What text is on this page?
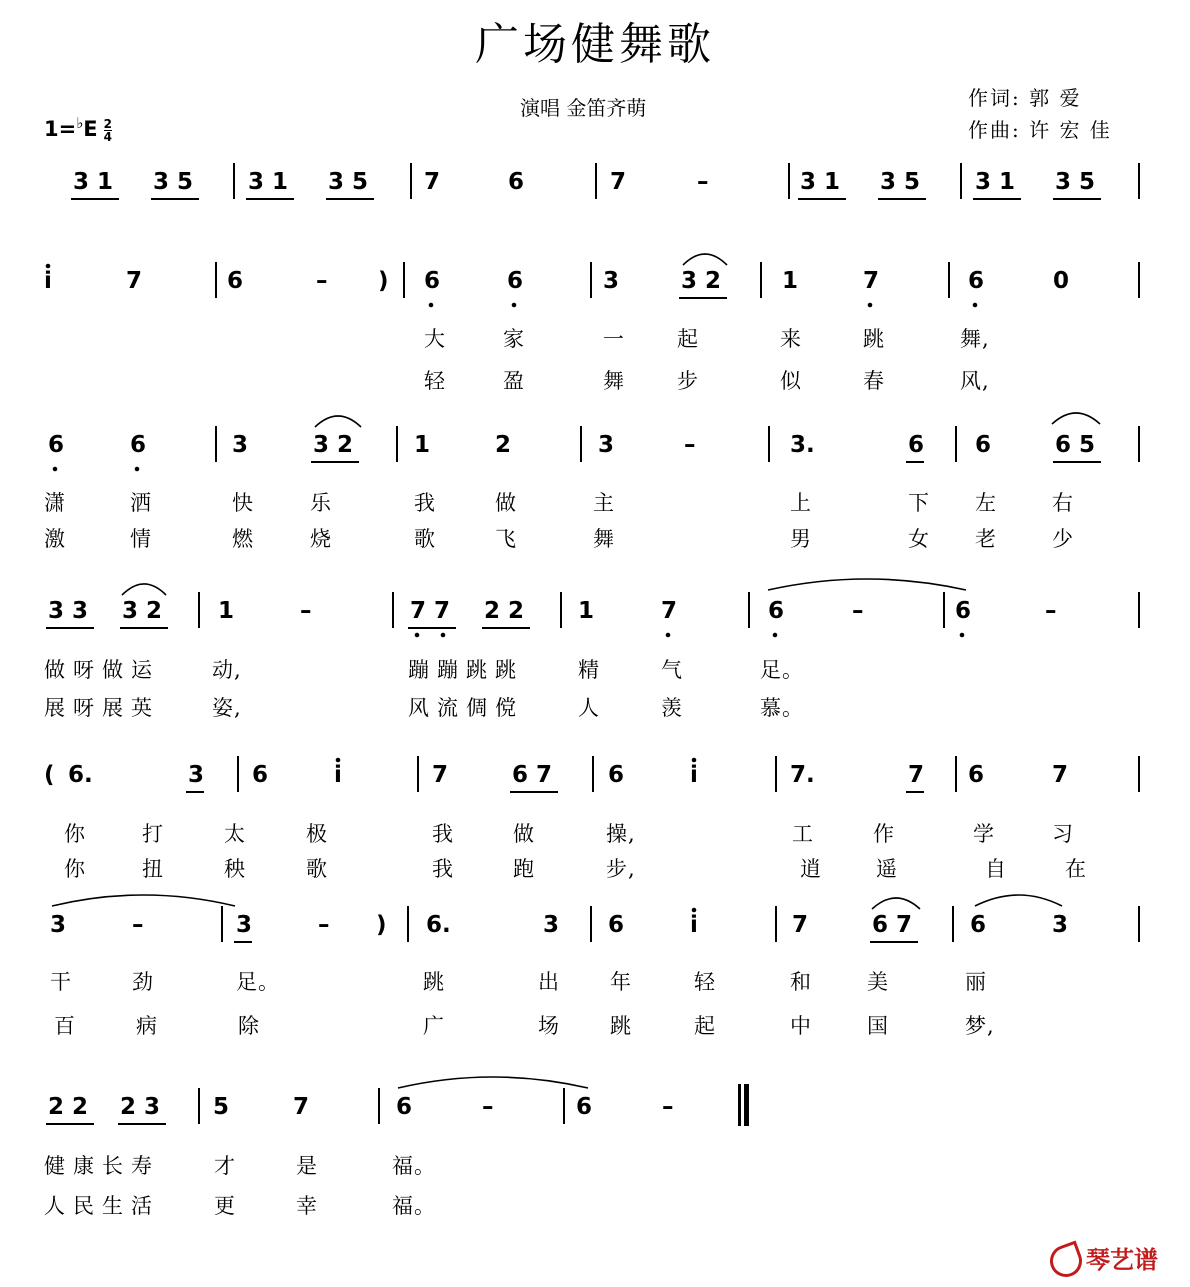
广场健舞歌
演唱 金笛齐萌	作词: 郭 爱
作曲: 许 宏 佳
$1=^♭E \frac{2}{4}$
3 1 3 5 3 1 3 5 7	6	7	–	3 1 3 5 3 1 3 5
i	7	6	– ) 6	6	3	3 2	1	7	6	0
6	6	3	3 2	1	2	3	–	3.	6 6	6 5
3 3 3 2 1	–	7 7 2 2 1	7	6	–	6	–
( 6.	3 6	i	7	6 7 6	i	7.	7 6	7
3	–	3	– ) 6.	3 6	i	7	6 7	6	3
2 2 2 3 5	7	6	–	6	–
大	家	一 起	来	跳	舞,
轻	盈	舞 步	似	春	风,
潇	洒	快	乐	我	做	主	上	下 左	右
激	情	燃	烧	歌	飞	舞	男	女 老	少
做呀做运 动,	蹦蹦跳跳	精	气	足。
展呀展英 姿,	风流倜傥	人	羡	慕。
你	打	太	极	我	做	操,	工	作	学	习
你	扭	秧	歌	我	跑	步,	逍	遥	自	在
干	劲	足。	跳	出 年	轻	和	美	丽
百	病	除	广	场 跳	起	中	国	梦,
健康长寿	才	是	福。
人民生活	更	幸	福。
琴艺谱
